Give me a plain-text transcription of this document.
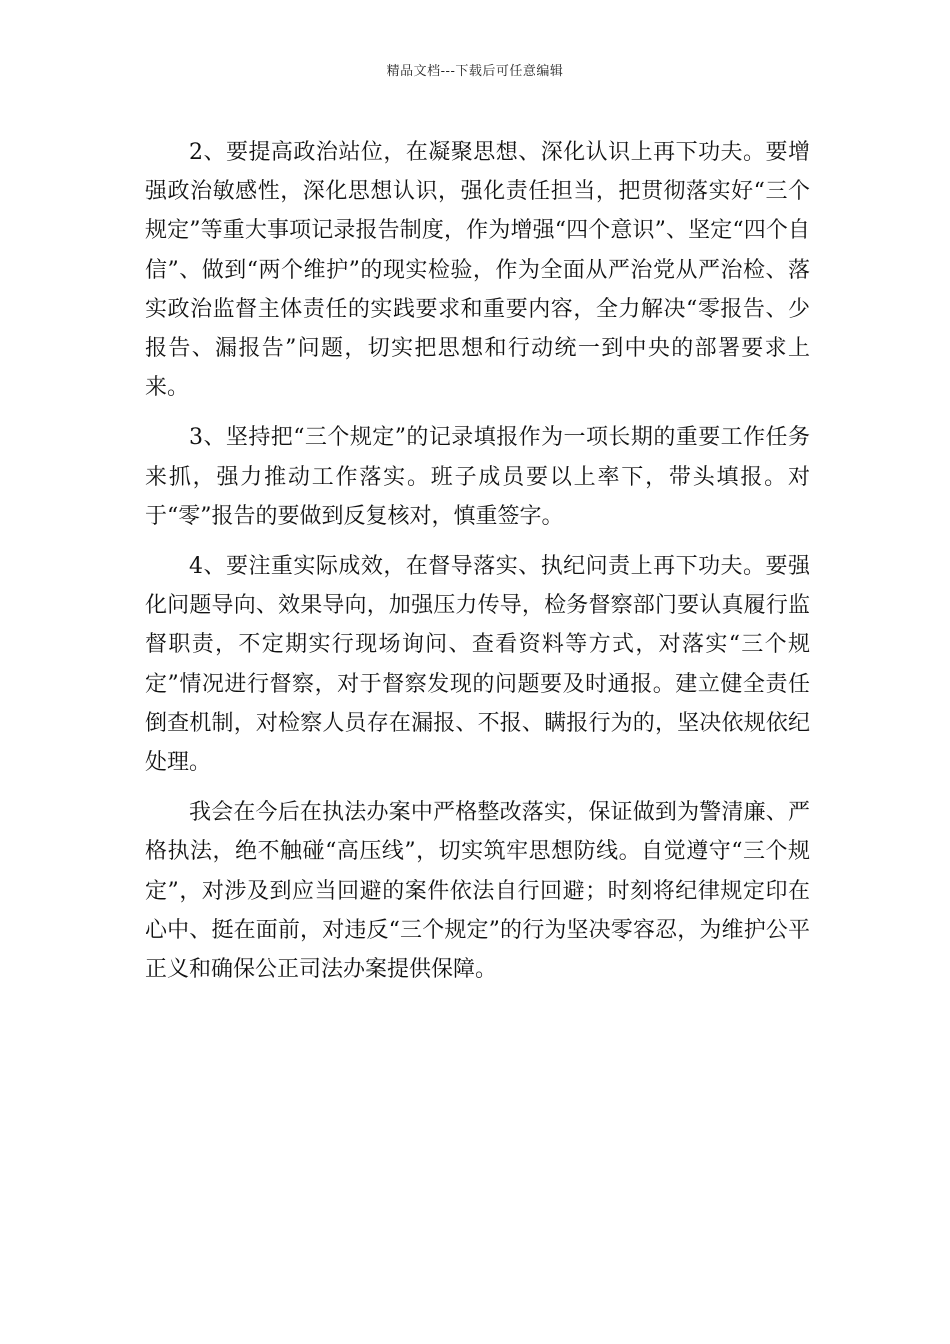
精品文档---下载后可任意编辑

2、要提高政治站位，在凝聚思想、深化认识上再下功夫。要增强政治敏感性，深化思想认识，强化责任担当，把贯彻落实好“三个规定”等重大事项记录报告制度，作为增强“四个意识”、坚定“四个自信”、做到“两个维护”的现实检验，作为全面从严治党从严治检、落实政治监督主体责任的实践要求和重要内容，全力解决“零报告、少报告、漏报告”问题，切实把思想和行动统一到中央的部署要求上来。

3、坚持把“三个规定”的记录填报作为一项长期的重要工作任务来抓，强力推动工作落实。班子成员要以上率下，带头填报。对于“零”报告的要做到反复核对，慎重签字。

4、要注重实际成效，在督导落实、执纪问责上再下功夫。要强化问题导向、效果导向，加强压力传导，检务督察部门要认真履行监督职责，不定期实行现场询问、查看资料等方式，对落实“三个规定”情况进行督察，对于督察发现的问题要及时通报。建立健全责任倒查机制，对检察人员存在漏报、不报、瞒报行为的，坚决依规依纪处理。

我会在今后在执法办案中严格整改落实，保证做到为警清廉、严格执法，绝不触碰“高压线”，切实筑牢思想防线。自觉遵守“三个规定”，对涉及到应当回避的案件依法自行回避；时刻将纪律规定印在心中、挺在面前，对违反“三个规定”的行为坚决零容忍，为维护公平正义和确保公正司法办案提供保障。
